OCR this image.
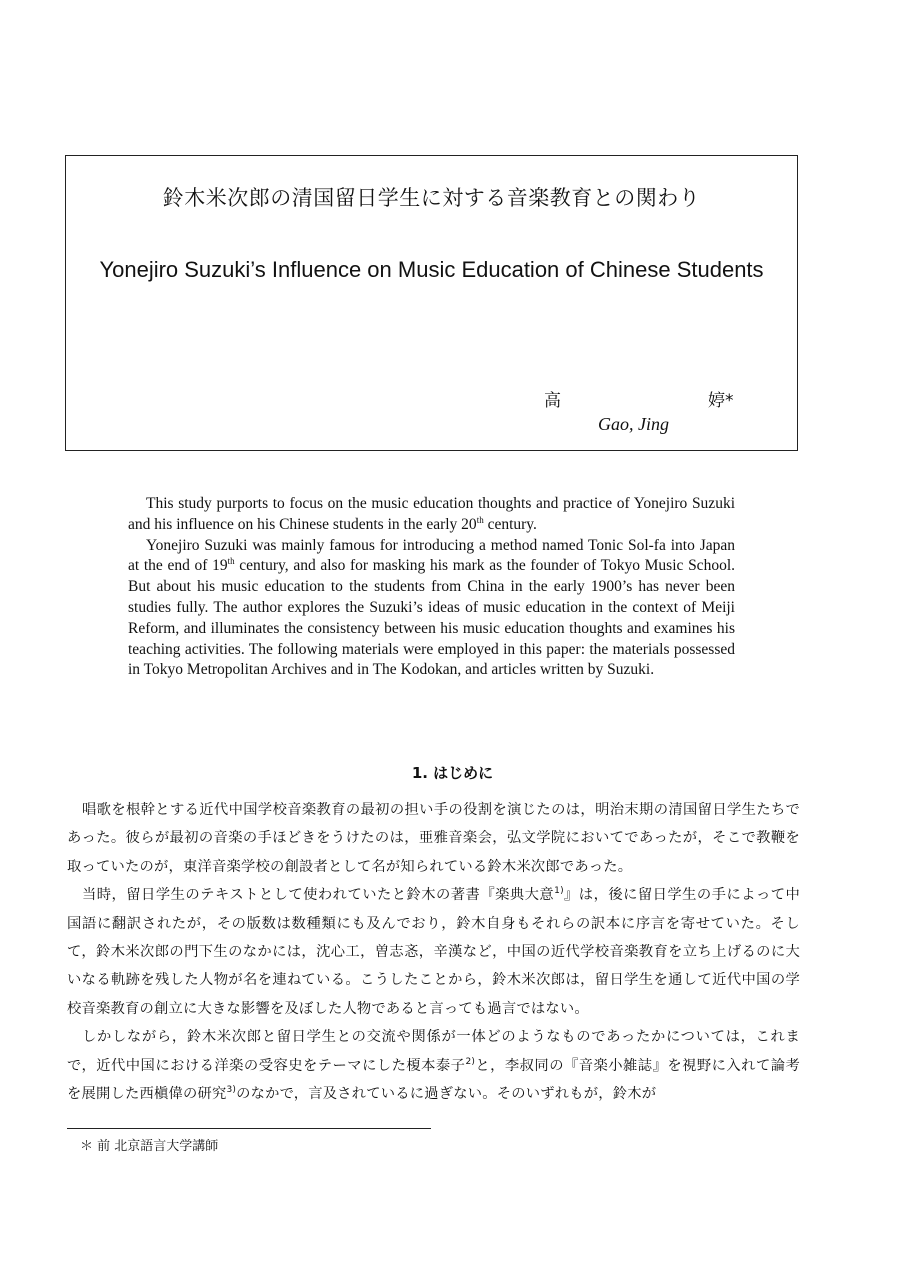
鈴木米次郎の清国留日学生に対する音楽教育との関わり
Yonejiro Suzuki’s Influence on Music Education of Chinese Students
高	婷*
Gao, Jing

This study purports to focus on the music education thoughts and practice of Yonejiro Suzuki and his influence on his Chinese students in the early 20th century.

Yonejiro Suzuki was mainly famous for introducing a method named Tonic Sol-fa into Japan at the end of 19th century, and also for masking his mark as the founder of Tokyo Music School. But about his music education to the students from China in the early 1900’s has never been studies fully. The author explores the Suzuki’s ideas of music education in the context of Meiji Reform, and illuminates the consistency between his music education thoughts and examines his teaching activities. The following materials were employed in this paper: the materials possessed in Tokyo Metropolitan Archives and in The Kodokan, and articles written by Suzuki.

1. はじめに

唱歌を根幹とする近代中国学校音楽教育の最初の担い手の役割を演じたのは，明治末期の清国留日学生たちであった。彼らが最初の音楽の手ほどきをうけたのは，亜雅音楽会，弘文学院においてであったが，そこで教鞭を取っていたのが，東洋音楽学校の創設者として名が知られている鈴木米次郎であった。

当時，留日学生のテキストとして使われていたと鈴木の著書『楽典大意$^{1)}$』は，後に留日学生の手によって中国語に翻訳されたが，その版数は数種類にも及んでおり，鈴木自身もそれらの訳本に序言を寄せていた。そして，鈴木米次郎の門下生のなかには，沈心工，曽志忞，辛漢など，中国の近代学校音楽教育を立ち上げるのに大いなる軌跡を残した人物が名を連ねている。こうしたことから，鈴木米次郎は，留日学生を通して近代中国の学校音楽教育の創立に大きな影響を及ぼした人物であると言っても過言ではない。

しかしながら，鈴木米次郎と留日学生との交流や関係が一体どのようなものであったかについては，これまで，近代中国における洋楽の受容史をテーマにした榎本泰子$^{2)}$と，李叔同の『音楽小雑誌』を視野に入れて論考を展開した西槇偉の研究$^{3)}$のなかで，言及されているに過ぎない。そのいずれもが，鈴木が

＊ 前 北京語言大学講師
